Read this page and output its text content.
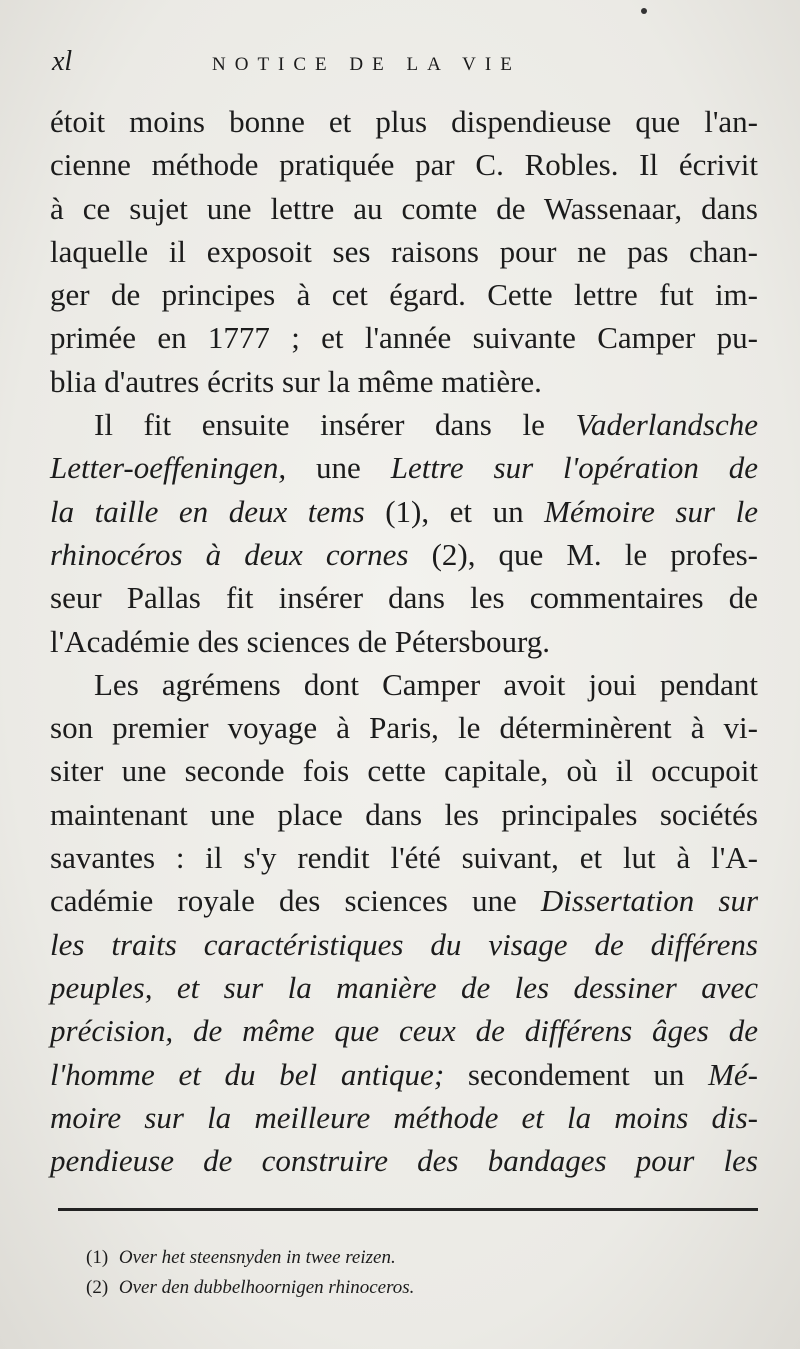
xl	NOTICE DE LA VIE
étoit moins bonne et plus dispendieuse que l'an-
cienne méthode pratiquée par C. Robles. Il écrivit
à ce sujet une lettre au comte de Wassenaar, dans
laquelle il exposoit ses raisons pour ne pas chan-
ger de principes à cet égard. Cette lettre fut im-
primée en 1777 ; et l'année suivante Camper pu-
blia d'autres écrits sur la même matière.
Il fit ensuite insérer dans le Vaderlandsche
Letter-oeffeningen, une Lettre sur l'opération de
la taille en deux tems (1), et un Mémoire sur le
rhinocéros à deux cornes (2), que M. le profes-
seur Pallas fit insérer dans les commentaires de
l'Académie des sciences de Pétersbourg.
Les agrémens dont Camper avoit joui pendant
son premier voyage à Paris, le déterminèrent à vi-
siter une seconde fois cette capitale, où il occupoit
maintenant une place dans les principales sociétés
savantes : il s'y rendit l'été suivant, et lut à l'A-
cadémie royale des sciences une Dissertation sur
les traits caractéristiques du visage de différens
peuples, et sur la manière de les dessiner avec
précision, de même que ceux de différens âges de
l'homme et du bel antique; secondement un Mé-
moire sur la meilleure méthode et la moins dis-
pendieuse de construire des bandages pour les
(1) Over het steensnyden in twee reizen.
(2) Over den dubbelhoornigen rhinoceros.
